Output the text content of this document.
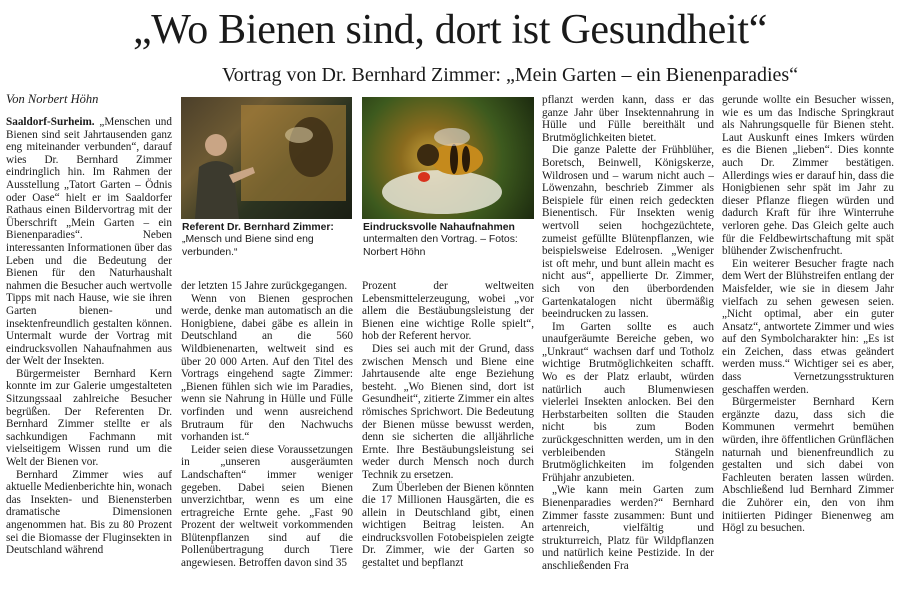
„Wo Bienen sind, dort ist Gesundheit“
Vortrag von Dr. Bernhard Zimmer: „Mein Garten – ein Bienenparadies“
Von Norbert Höhn

Saaldorf-Surheim. „Menschen und Bienen sind seit Jahrtausenden ganz eng miteinander verbunden“, darauf wies Dr. Bernhard Zimmer eindringlich hin. Im Rahmen der Ausstellung „Tatort Garten – Ödnis oder Oase“ hielt er im Saaldorfer Rathaus einen Bildervortrag mit der Überschrift „Mein Garten – ein Bienenparadies“. Neben interessanten Informationen über das Leben und die Bedeutung der Bienen für den Naturhaushalt nahmen die Besucher auch wertvolle Tipps mit nach Hause, wie sie ihren Garten bienen- und insektenfreundlich gestalten können. Untermalt wurde der Vortrag mit eindrucksvollen Nahaufnahmen aus der Welt der Insekten.

Bürgermeister Bernhard Kern konnte im zur Galerie umgestalteten Sitzungssaal zahlreiche Besucher begrüßen. Der Referenten Dr. Bernhard Zimmer stellte er als sachkundigen Fachmann mit vielseitigem Wissen rund um die Welt der Bienen vor.

Bernhard Zimmer wies auf aktuelle Medienberichte hin, wonach das Insekten- und Bienensterben dramatische Dimensionen angenommen hat. Bis zu 80 Prozent sei die Biomasse der Fluginsekten in Deutschland während

Referent Dr. Bernhard Zimmer: „Mensch und Biene sind eng verbunden.“
Eindrucksvolle Nahaufnahmen untermalten den Vortrag. – Fotos: Norbert Höhn

der letzten 15 Jahre zurückgegangen.

Wenn von Bienen gesprochen werde, denke man automatisch an die Honigbiene, dabei gäbe es allein in Deutschland an die 560 Wildbienenarten, weltweit sind es über 20 000 Arten. Auf den Titel des Vortrags eingehend sagte Zimmer: „Bienen fühlen sich wie im Paradies, wenn sie Nahrung in Hülle und Fülle vorfinden und wenn ausreichend Brutraum für den Nachwuchs vorhanden ist.“

Leider seien diese Voraussetzungen in „unseren ausgeräumten Landschaften“ immer weniger gegeben. Dabei seien Bienen unverzichtbar, wenn es um eine ertragreiche Ernte gehe. „Fast 90 Prozent der weltweit vorkommenden Blütenpflanzen sind auf die Pollenübertragung durch Tiere angewiesen. Betroffen davon sind 35

Prozent der weltweiten Lebensmittelerzeugung, wobei „vor allem die Bestäubungsleistung der Bienen eine wichtige Rolle spielt“, hob der Referent hervor.

Dies sei auch mit der Grund, dass zwischen Mensch und Biene eine Jahrtausende alte enge Beziehung besteht. „Wo Bienen sind, dort ist Gesundheit“, zitierte Zimmer ein altes römisches Sprichwort. Die Bedeutung der Bienen müsse bewusst werden, denn sie sicherten die alljährliche Ernte. Ihre Bestäubungsleistung sei weder durch Mensch noch durch Technik zu ersetzen.

Zum Überleben der Bienen könnten die 17 Millionen Hausgärten, die es allein in Deutschland gibt, einen wichtigen Beitrag leisten. An eindrucksvollen Fotobeispielen zeigte Dr. Zimmer, wie der Garten so gestaltet und bepflanzt

pflanzt werden kann, dass er das ganze Jahr über Insektennahrung in Hülle und Fülle bereithält und Brutmöglichkeiten bietet.

Die ganze Palette der Frühblüher, Boretsch, Beinwell, Königskerze, Wildrosen und – warum nicht auch – Löwenzahn, beschrieb Zimmer als Beispiele für einen reich gedeckten Bienentisch. Für Insekten wenig wertvoll seien hochgezüchtete, zumeist gefüllte Blütenpflanzen, wie beispielsweise Edelrosen. „Weniger ist oft mehr, und bunt allein macht es nicht aus“, appellierte Dr. Zimmer, sich von den überbordenden Gartenkatalogen nicht übermäßig beeindrucken zu lassen.

Im Garten sollte es auch unaufgeräumte Bereiche geben, wo „Unkraut“ wachsen darf und Totholz wichtige Brutmöglichkeiten schafft. Wo es der Platz erlaubt, würden natürlich auch Blumenwiesen vielerlei Insekten anlocken. Bei den Herbstarbeiten sollten die Stauden nicht bis zum Boden zurückgeschnitten werden, um in den verbleibenden Stängeln Brutmöglichkeiten im folgenden Frühjahr anzubieten.

„Wie kann mein Garten zum Bienenparadies werden?“ Bernhard Zimmer fasste zusammen: Bunt und artenreich, vielfältig und strukturreich, Platz für Wildpflanzen und natürlich keine Pestizide. In der anschließenden Fra

gerunde wollte ein Besucher wissen, wie es um das Indische Springkraut als Nahrungsquelle für Bienen steht. Laut Auskunft eines Imkers würden es die Bienen „lieben“. Dies konnte auch Dr. Zimmer bestätigen. Allerdings wies er darauf hin, dass die Honigbienen sehr spät im Jahr zu dieser Pflanze fliegen würden und dadurch Kraft für ihre Winterruhe verloren gehe. Das Gleich gelte auch für die Feldbewirtschaftung mit spät blühender Zwischenfrucht.

Ein weiterer Besucher fragte nach dem Wert der Blühstreifen entlang der Maisfelder, wie sie in diesem Jahr vielfach zu sehen gewesen seien. „Nicht optimal, aber ein guter Ansatz“, antwortete Zimmer und wies auf den Symbolcharakter hin: „Es ist ein Zeichen, dass etwas geändert werden muss.“ Wichtiger sei es aber, dass Vernetzungsstrukturen geschaffen werden.

Bürgermeister Bernhard Kern ergänzte dazu, dass sich die Kommunen vermehrt bemühen würden, ihre öffentlichen Grünflächen naturnah und bienenfreundlich zu gestalten und sich dabei von Fachleuten beraten lassen würden. Abschließend lud Bernhard Zimmer die Zuhörer ein, den von ihm initiierten Pidinger Bienenweg am Högl zu besuchen.
